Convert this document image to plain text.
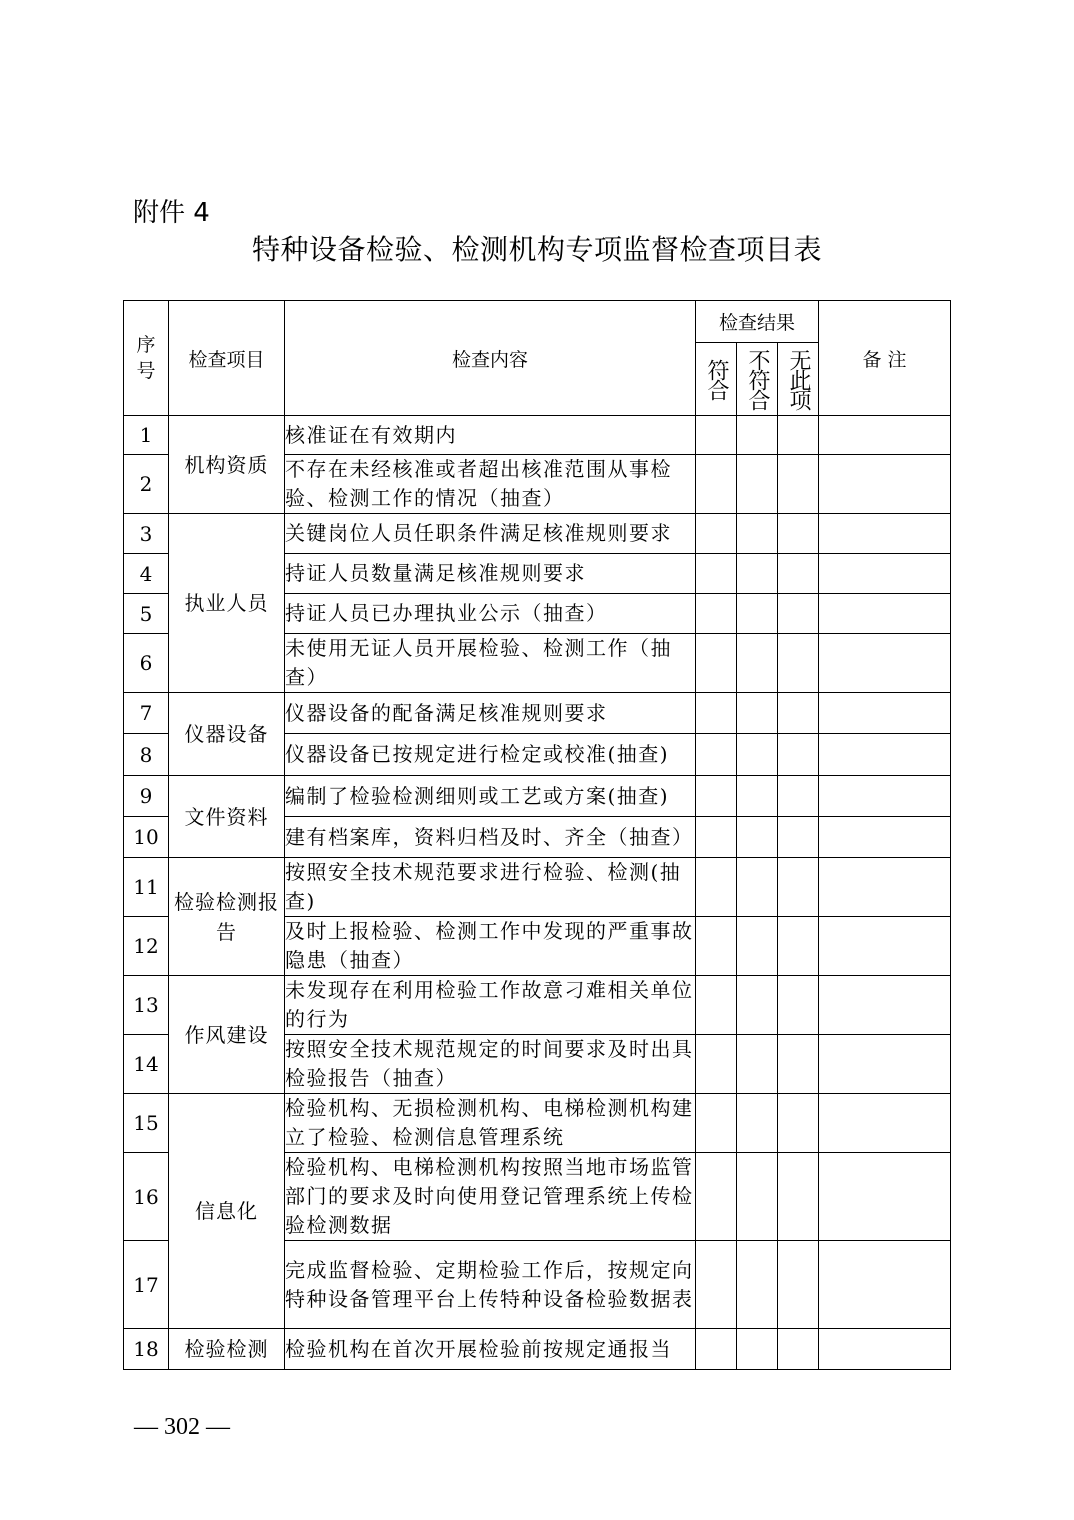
附件 4
特种设备检验、检测机构专项监督检查项目表
序号	检查项目	检查内容	检查结果			备 注
			符合	不符合	无此项	
1	机构资质	核准证在有效期内				
2		不存在未经核准或者超出核准范围从事检验、检测工作的情况（抽查）				
3	执业人员	关键岗位人员任职条件满足核准规则要求				
4		持证人员数量满足核准规则要求				
5		持证人员已办理执业公示（抽查）				
6		未使用无证人员开展检验、检测工作（抽查）				
7	仪器设备	仪器设备的配备满足核准规则要求				
8		仪器设备已按规定进行检定或校准(抽查)				
9	文件资料	编制了检验检测细则或工艺或方案(抽查)				
10		建有档案库，资料归档及时、齐全（抽查）				
11	检验检测报告	按照安全技术规范要求进行检验、检测(抽查)				
12		及时上报检验、检测工作中发现的严重事故隐患（抽查）				
13	作风建设	未发现存在利用检验工作故意刁难相关单位的行为				
14		按照安全技术规范规定的时间要求及时出具检验报告（抽查）				
15	信息化	检验机构、无损检测机构、电梯检测机构建立了检验、检测信息管理系统				
16		检验机构、电梯检测机构按照当地市场监管部门的要求及时向使用登记管理系统上传检验检测数据				
17		完成监督检验、定期检验工作后，按规定向特种设备管理平台上传特种设备检验数据表				
18	检验检测	检验机构在首次开展检验前按规定通报当				
— 302 —
